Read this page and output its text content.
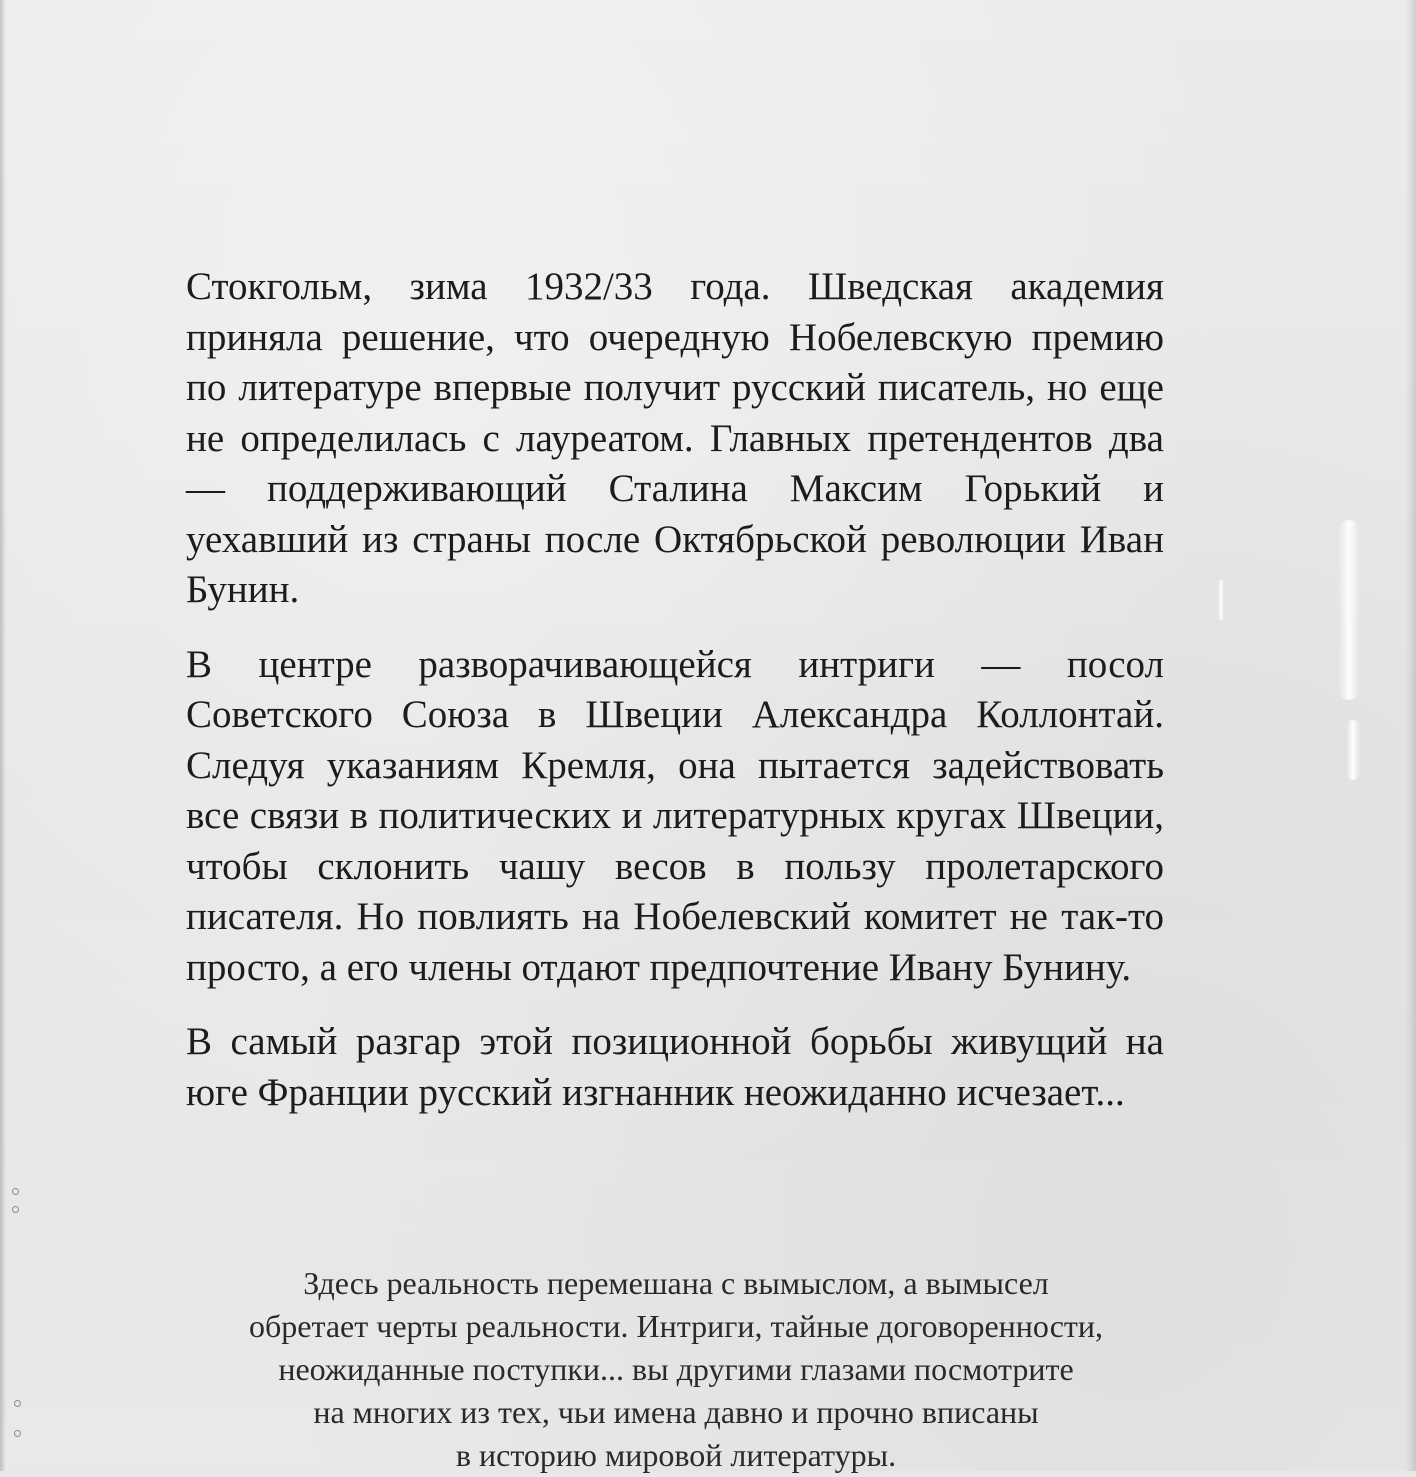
Стокгольм, зима 1932/33 года. Шведская академия приняла решение, что очередную Нобелевскую премию по литературе впервые получит русский писатель, но еще не определилась с лауреатом. Главных претендентов два — поддерживающий Сталина Максим Горький и уехавший из страны после Октябрьской революции Иван Бунин.

В центре разворачивающейся интриги — посол Советского Союза в Швеции Александра Коллонтай. Следуя указаниям Кремля, она пытается задействовать все связи в политических и литературных кругах Швеции, чтобы склонить чашу весов в пользу пролетарского писателя. Но повлиять на Нобелевский комитет не так-то просто, а его члены отдают предпочтение Ивану Бунину.

В самый разгар этой позиционной борьбы живущий на юге Франции русский изгнанник неожиданно исчезает...

Здесь реальность перемешана с вымыслом, а вымысел
обретает черты реальности. Интриги, тайные договоренности,
неожиданные поступки... вы другими глазами посмотрите
на многих из тех, чьи имена давно и прочно вписаны
в историю мировой литературы.
